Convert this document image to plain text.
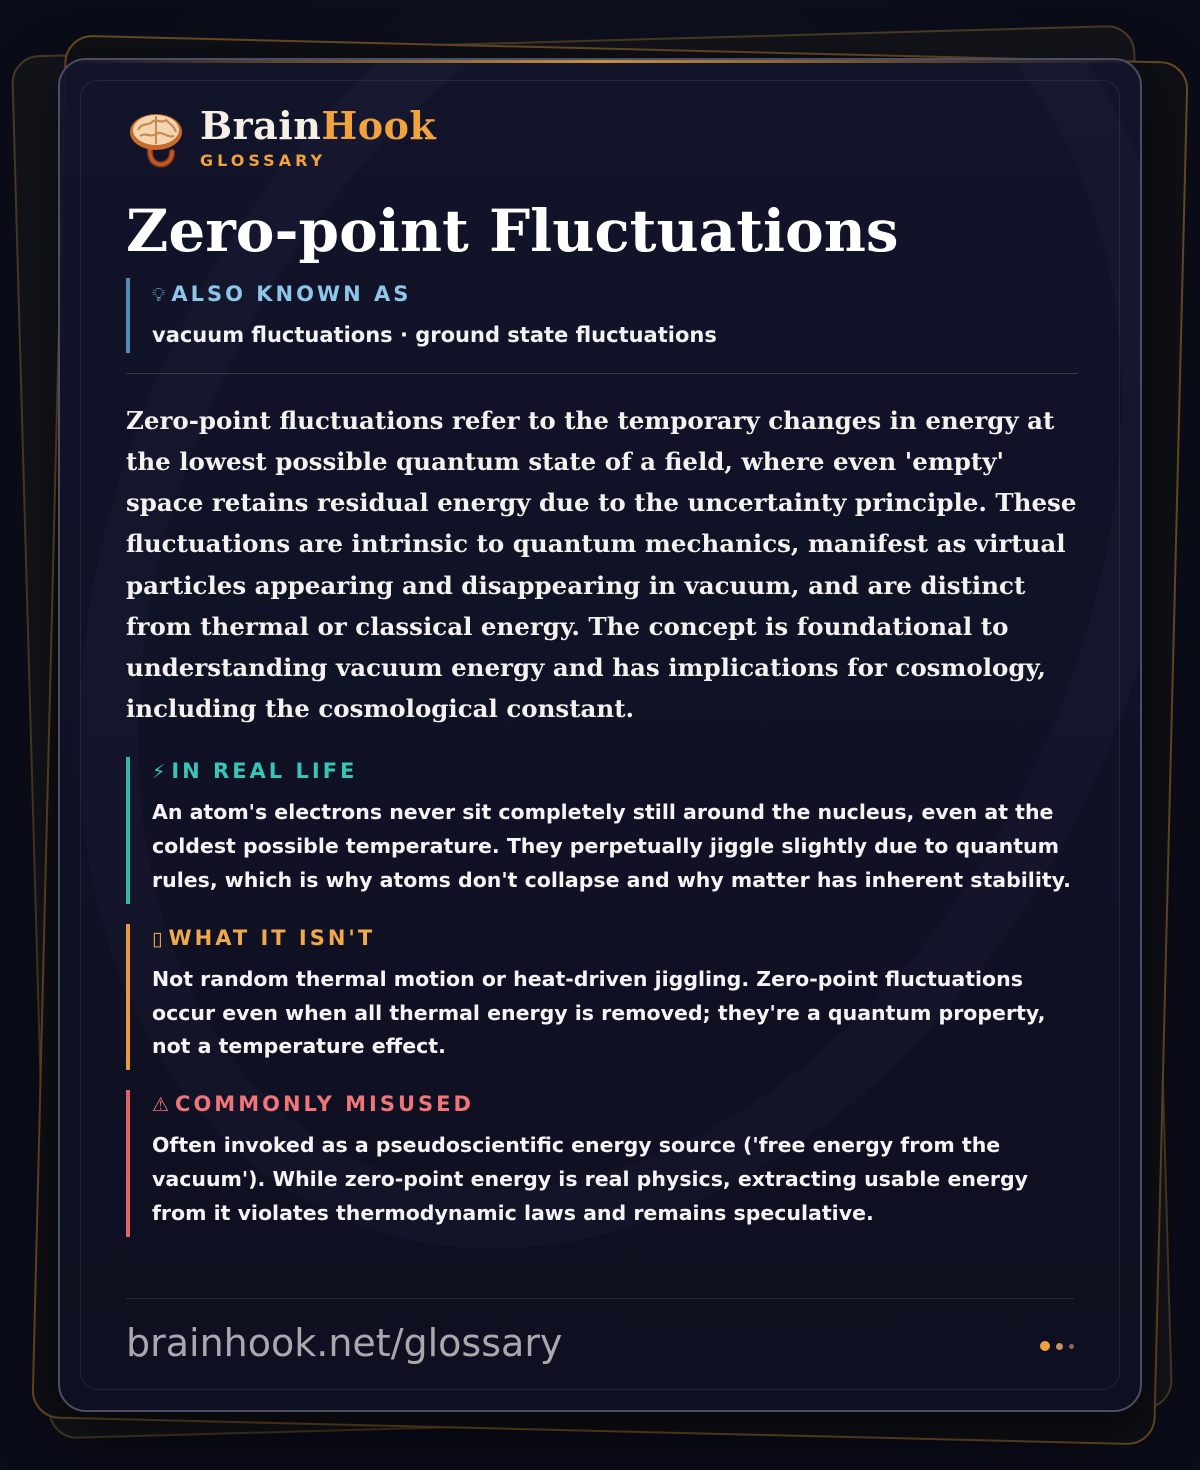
BrainHook
GLOSSARY
Zero-point Fluctuations
💡︎ ALSO KNOWN AS
vacuum fluctuations · ground state fluctuations
Zero-point fluctuations refer to the temporary changes in energy at the lowest possible quantum state of a field, where even 'empty' space retains residual energy due to the uncertainty principle. These fluctuations are intrinsic to quantum mechanics, manifest as virtual particles appearing and disappearing in vacuum, and are distinct from thermal or classical energy. The concept is foundational to understanding vacuum energy and has implications for cosmology, including the cosmological constant.
⚡︎ IN REAL LIFE
An atom's electrons never sit completely still around the nucleus, even at the coldest possible temperature. They perpetually jiggle slightly due to quantum rules, which is why atoms don't collapse and why matter has inherent stability.
▯ WHAT IT ISN'T
Not random thermal motion or heat-driven jiggling. Zero-point fluctuations occur even when all thermal energy is removed; they're a quantum property, not a temperature effect.
⚠︎ COMMONLY MISUSED
Often invoked as a pseudoscientific energy source ('free energy from the vacuum'). While zero-point energy is real physics, extracting usable energy from it violates thermodynamic laws and remains speculative.
brainhook.net/glossary
